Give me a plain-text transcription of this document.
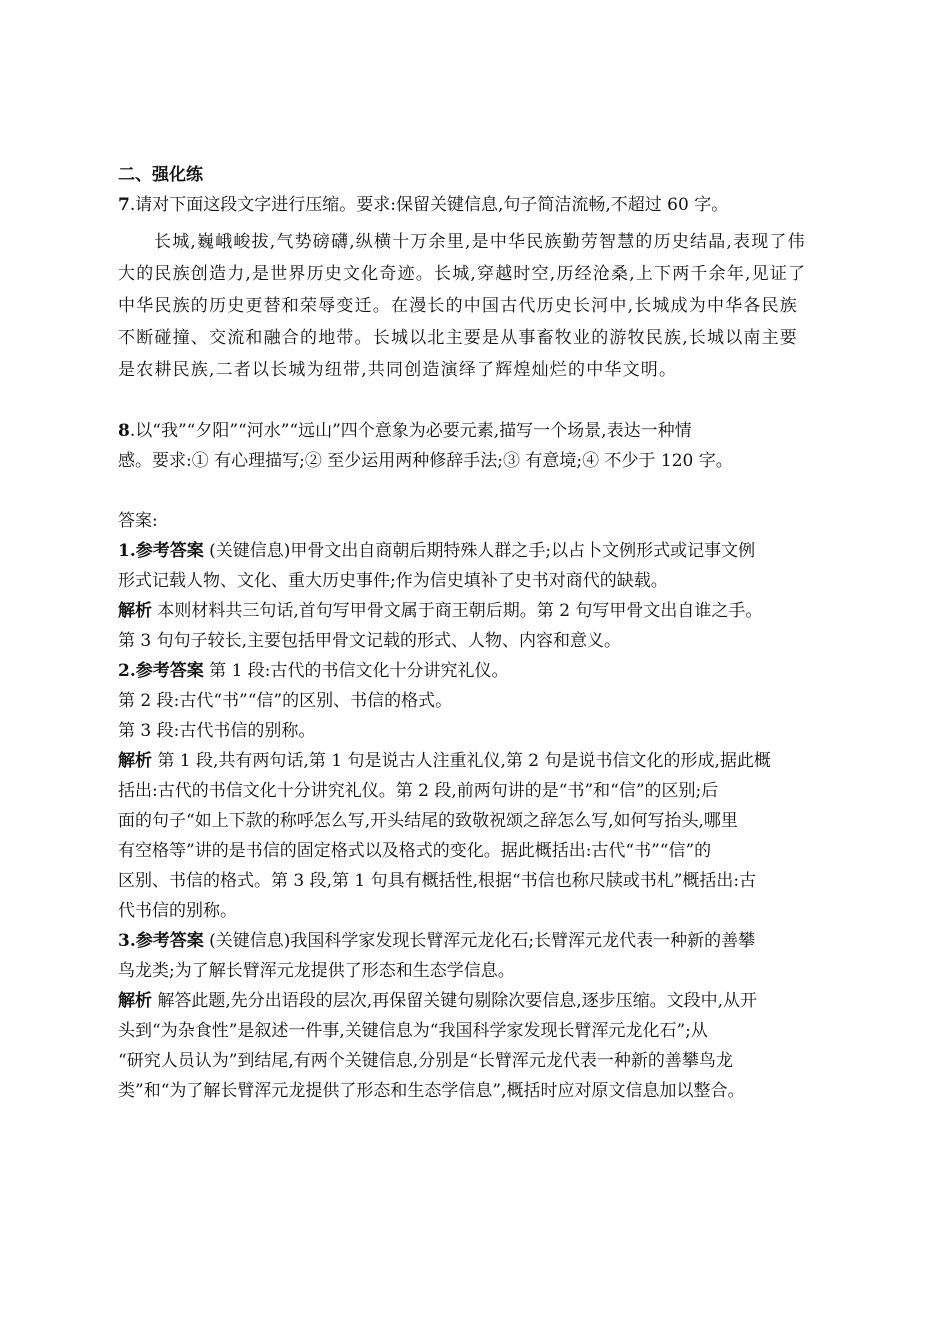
二、强化练
7.请对下面这段文字进行压缩。要求:保留关键信息,句子简洁流畅,不超过 60 字。
长城,巍峨峻拔,气势磅礴,纵横十万余里,是中华民族勤劳智慧的历史结晶,表现了伟
大的民族创造力,是世界历史文化奇迹。长城,穿越时空,历经沧桑,上下两千余年,见证了
中华民族的历史更替和荣辱变迁。在漫长的中国古代历史长河中,长城成为中华各民族
不断碰撞、交流和融合的地带。长城以北主要是从事畜牧业的游牧民族,长城以南主要
是农耕民族,二者以长城为纽带,共同创造演绎了辉煌灿烂的中华文明。
8.以“我”“夕阳”“河水”“远山”四个意象为必要元素,描写一个场景,表达一种情
感。要求:① 有心理描写;② 至少运用两种修辞手法;③ 有意境;④ 不少于 120 字。
答案:
1.参考答案 (关键信息)甲骨文出自商朝后期特殊人群之手;以占卜文例形式或记事文例
形式记载人物、文化、重大历史事件;作为信史填补了史书对商代的缺载。
解析 本则材料共三句话,首句写甲骨文属于商王朝后期。第 2 句写甲骨文出自谁之手。
第 3 句句子较长,主要包括甲骨文记载的形式、人物、内容和意义。
2.参考答案 第 1 段:古代的书信文化十分讲究礼仪。
第 2 段:古代“书”“信”的区别、书信的格式。
第 3 段:古代书信的别称。
解析 第 1 段,共有两句话,第 1 句是说古人注重礼仪,第 2 句是说书信文化的形成,据此概
括出:古代的书信文化十分讲究礼仪。第 2 段,前两句讲的是“书”和“信”的区别;后
面的句子“如上下款的称呼怎么写,开头结尾的致敬祝颂之辞怎么写,如何写抬头,哪里
有空格等”讲的是书信的固定格式以及格式的变化。据此概括出:古代“书”“信”的
区别、书信的格式。第 3 段,第 1 句具有概括性,根据“书信也称尺牍或书札”概括出:古
代书信的别称。
3.参考答案 (关键信息)我国科学家发现长臂浑元龙化石;长臂浑元龙代表一种新的善攀
鸟龙类;为了解长臂浑元龙提供了形态和生态学信息。
解析 解答此题,先分出语段的层次,再保留关键句剔除次要信息,逐步压缩。文段中,从开
头到“为杂食性”是叙述一件事,关键信息为“我国科学家发现长臂浑元龙化石”;从
“研究人员认为”到结尾,有两个关键信息,分别是“长臂浑元龙代表一种新的善攀鸟龙
类”和“为了解长臂浑元龙提供了形态和生态学信息”,概括时应对原文信息加以整合。
